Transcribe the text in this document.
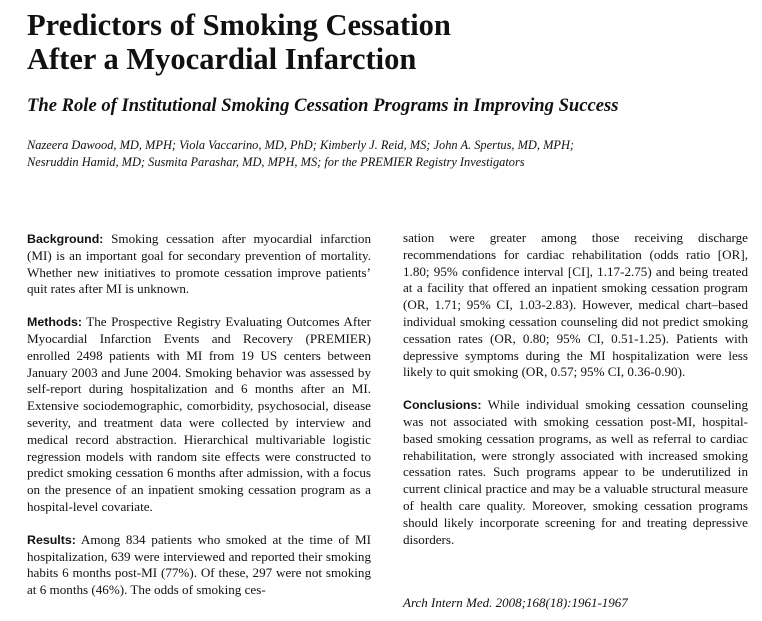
Predictors of Smoking Cessation
After a Myocardial Infarction
The Role of Institutional Smoking Cessation Programs in Improving Success
Nazeera Dawood, MD, MPH; Viola Vaccarino, MD, PhD; Kimberly J. Reid, MS; John A. Spertus, MD, MPH;
Nesruddin Hamid, MD; Susmita Parashar, MD, MPH, MS; for the PREMIER Registry Investigators

Background: Smoking cessation after myocardial infarction (MI) is an important goal for secondary prevention of mortality. Whether new initiatives to promote cessation improve patients’ quit rates after MI is unknown.

Methods: The Prospective Registry Evaluating Outcomes After Myocardial Infarction Events and Recovery (PREMIER) enrolled 2498 patients with MI from 19 US centers between January 2003 and June 2004. Smoking behavior was assessed by self-report during hospitalization and 6 months after an MI. Extensive sociodemographic, comorbidity, psychosocial, disease severity, and treatment data were collected by interview and medical record abstraction. Hierarchical multivariable logistic regression models with random site effects were constructed to predict smoking cessation 6 months after admission, with a focus on the presence of an inpatient smoking cessation program as a hospital-level covariate.

Results: Among 834 patients who smoked at the time of MI hospitalization, 639 were interviewed and reported their smoking habits 6 months post-MI (77%). Of these, 297 were not smoking at 6 months (46%). The odds of smoking ces-

sation were greater among those receiving discharge recommendations for cardiac rehabilitation (odds ratio [OR], 1.80; 95% confidence interval [CI], 1.17-2.75) and being treated at a facility that offered an inpatient smoking cessation program (OR, 1.71; 95% CI, 1.03-2.83). However, medical chart–based individual smoking cessation counseling did not predict smoking cessation rates (OR, 0.80; 95% CI, 0.51-1.25). Patients with depressive symptoms during the MI hospitalization were less likely to quit smoking (OR, 0.57; 95% CI, 0.36-0.90).

Conclusions: While individual smoking cessation counseling was not associated with smoking cessation post-MI, hospital-based smoking cessation programs, as well as referral to cardiac rehabilitation, were strongly associated with increased smoking cessation rates. Such programs appear to be underutilized in current clinical practice and may be a valuable structural measure of health care quality. Moreover, smoking cessation programs should likely incorporate screening for and treating depressive disorders.

Arch Intern Med. 2008;168(18):1961-1967
